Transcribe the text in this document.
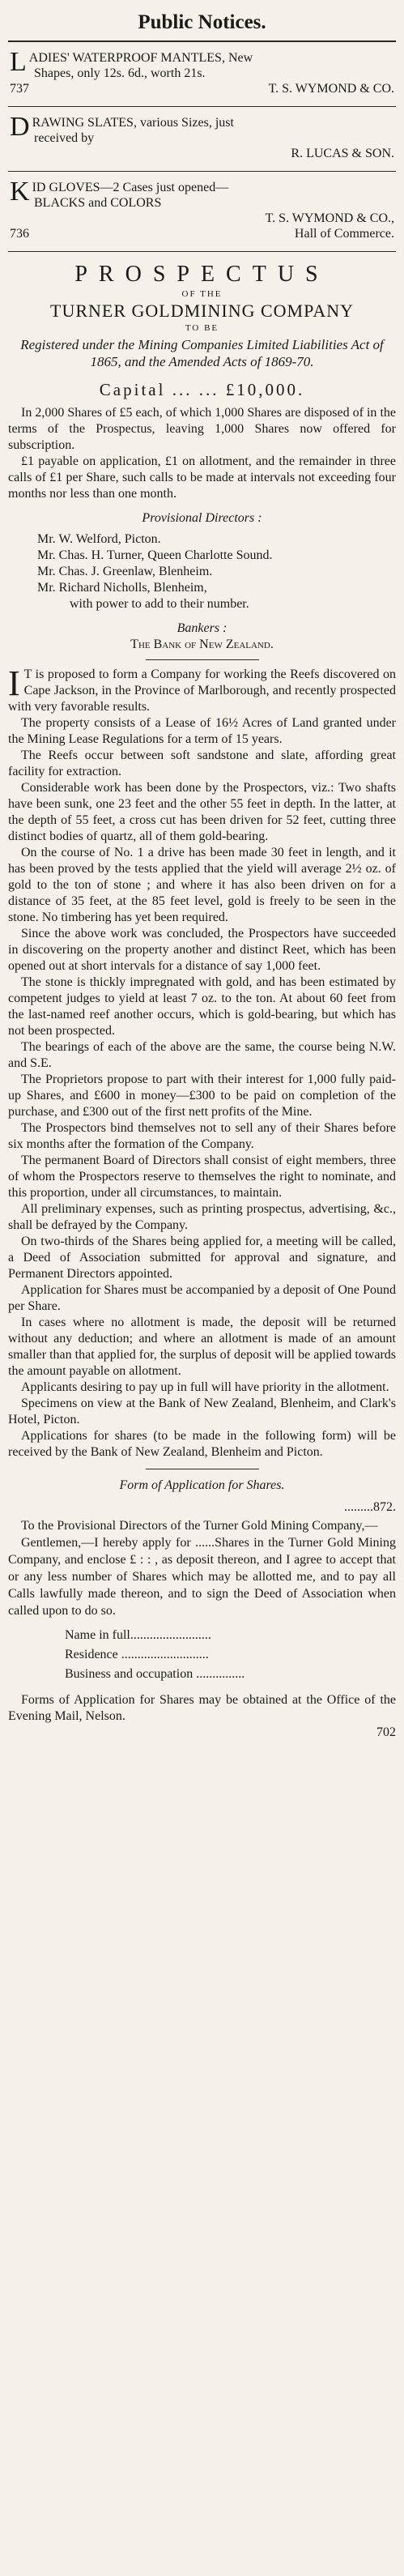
Public Notices.
L ADIES' WATERPROOF MANTLES, New
Shapes, only 12s. 6d., worth 21s.
737	T. S. WYMOND & CO.
D RAWING SLATES, various Sizes, just
received by
R. LUCAS & SON.
K ID GLOVES—2 Cases just opened—
BLACKS and COLORS
T. S. WYMOND & CO.,
736	Hall of Commerce.
PROSPECTUS
OF THE
TURNER GOLDMINING COMPANY
TO BE
Registered under the Mining Companies Limited Liabilities Act of 1865, and the Amended Acts of 1869-70.
Capital ... ... £10,000.

In 2,000 Shares of £5 each, of which 1,000 Shares are disposed of in the terms of the Prospectus, leaving 1,000 Shares now offered for subscription.

£1 payable on application, £1 on allotment, and the remainder in three calls of £1 per Share, such calls to be made at intervals not exceeding four months nor less than one month.

Provisional Directors :

Mr. W. Welford, Picton.
Mr. Chas. H. Turner, Queen Charlotte Sound.
Mr. Chas. J. Greenlaw, Blenheim.
Mr. Richard Nicholls, Blenheim,
with power to add to their number.

Bankers :

The Bank of New Zealand.

I T is proposed to form a Company for working the Reefs discovered on Cape Jackson, in the Province of Marlborough, and recently prospected with very favorable results.

The property consists of a Lease of 16½ Acres of Land granted under the Mining Lease Regulations for a term of 15 years.

The Reefs occur between soft sandstone and slate, affording great facility for extraction.

Considerable work has been done by the Prospectors, viz.: Two shafts have been sunk, one 23 feet and the other 55 feet in depth. In the latter, at the depth of 55 feet, a cross cut has been driven for 52 feet, cutting three distinct bodies of quartz, all of them gold-bearing.

On the course of No. 1 a drive has been made 30 feet in length, and it has been proved by the tests applied that the yield will average 2½ oz. of gold to the ton of stone ; and where it has also been driven on for a distance of 35 feet, at the 85 feet level, gold is freely to be seen in the stone. No timbering has yet been required.

Since the above work was concluded, the Prospectors have succeeded in discovering on the property another and distinct Reet, which has been opened out at short intervals for a distance of say 1,000 feet.

The stone is thickly impregnated with gold, and has been estimated by competent judges to yield at least 7 oz. to the ton. At about 60 feet from the last-named reef another occurs, which is gold-bearing, but which has not been prospected.

The bearings of each of the above are the same, the course being N.W. and S.E.

The Proprietors propose to part with their interest for 1,000 fully paid-up Shares, and £600 in money—£300 to be paid on completion of the purchase, and £300 out of the first nett profits of the Mine.

The Prospectors bind themselves not to sell any of their Shares before six months after the formation of the Company.

The permanent Board of Directors shall consist of eight members, three of whom the Prospectors reserve to themselves the right to nominate, and this proportion, under all circumstances, to maintain.

All preliminary expenses, such as printing prospectus, advertising, &c., shall be defrayed by the Company.

On two-thirds of the Shares being applied for, a meeting will be called, a Deed of Association submitted for approval and signature, and Permanent Directors appointed.

Application for Shares must be accompanied by a deposit of One Pound per Share.

In cases where no allotment is made, the deposit will be returned without any deduction; and where an allotment is made of an amount smaller than that applied for, the surplus of deposit will be applied towards the amount payable on allotment.

Applicants desiring to pay up in full will have priority in the allotment.

Specimens on view at the Bank of New Zealand, Blenheim, and Clark's Hotel, Picton.

Applications for shares (to be made in the following form) will be received by the Bank of New Zealand, Blenheim and Picton.

Form of Application for Shares.

.........872.

To the Provisional Directors of the Turner Gold Mining Company,—

Gentlemen,—I hereby apply for ......Shares in the Turner Gold Mining Company, and enclose £ : : , as deposit thereon, and I agree to accept that or any less number of Shares which may be allotted me, and to pay all Calls lawfully made thereon, and to sign the Deed of Association when called upon to do so.

Name in full.........................
Residence ...........................
Business and occupation ...............

Forms of Application for Shares may be obtained at the Office of the Evening Mail, Nelson.

702
